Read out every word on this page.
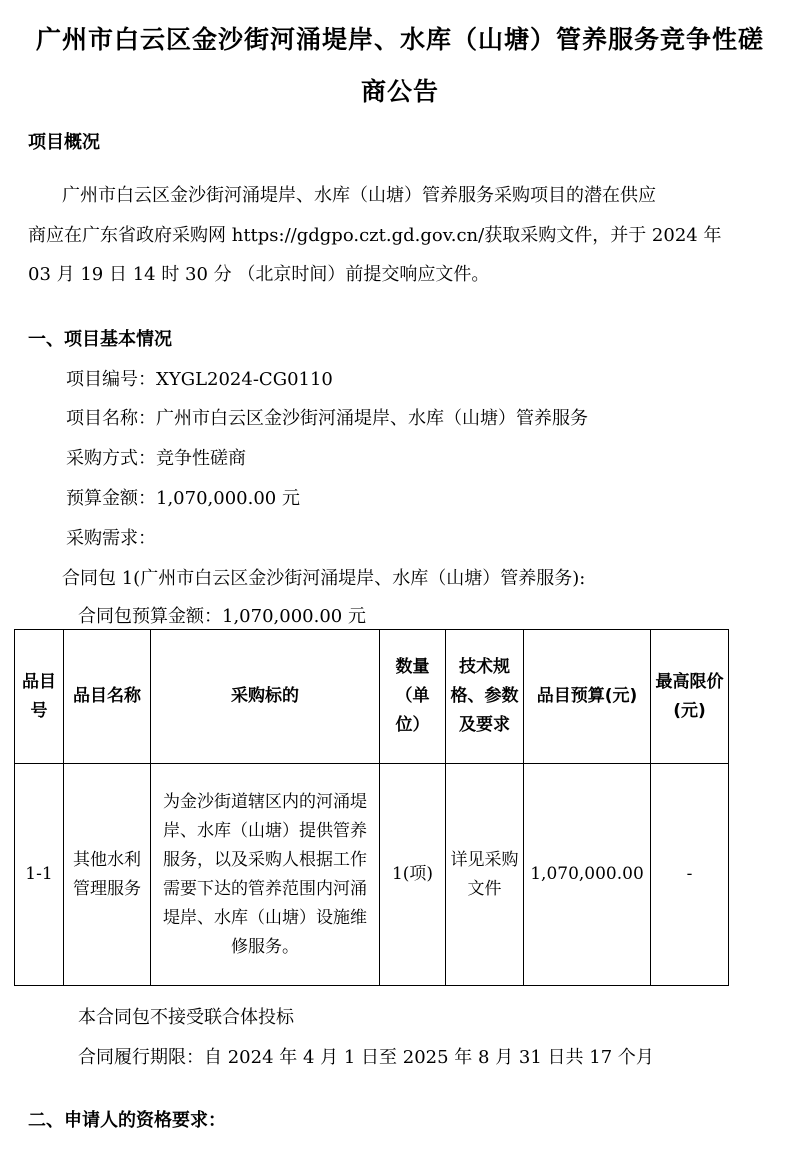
广州市白云区金沙街河涌堤岸、水库（山塘）管养服务竞争性磋
商公告
项目概况
广州市白云区金沙街河涌堤岸、水库（山塘）管养服务采购项目的潜在供应
商应在广东省政府采购网 https://gdgpo.czt.gd.gov.cn/获取采购文件，并于 2024 年
03 月 19 日 14 时 30 分 （北京时间）前提交响应文件。
一、项目基本情况
项目编号：XYGL2024-CG0110
项目名称：广州市白云区金沙街河涌堤岸、水库（山塘）管养服务
采购方式：竞争性磋商
预算金额：1,070,000.00 元
采购需求：
合同包 1(广州市白云区金沙街河涌堤岸、水库（山塘）管养服务):
合同包预算金额：1,070,000.00 元
品目号	品目名称	采购标的	数量（单位）	技术规格、参数及要求	品目预算(元)	最高限价(元)
1-1	其他水利管理服务	为金沙街道辖区内的河涌堤岸、水库（山塘）提供管养服务，以及采购人根据工作需要下达的管养范围内河涌堤岸、水库（山塘）设施维修服务。	1(项)	详见采购文件	1,070,000.00	-
本合同包不接受联合体投标
合同履行期限：自 2024 年 4 月 1 日至 2025 年 8 月 31 日共 17 个月
二、申请人的资格要求：
